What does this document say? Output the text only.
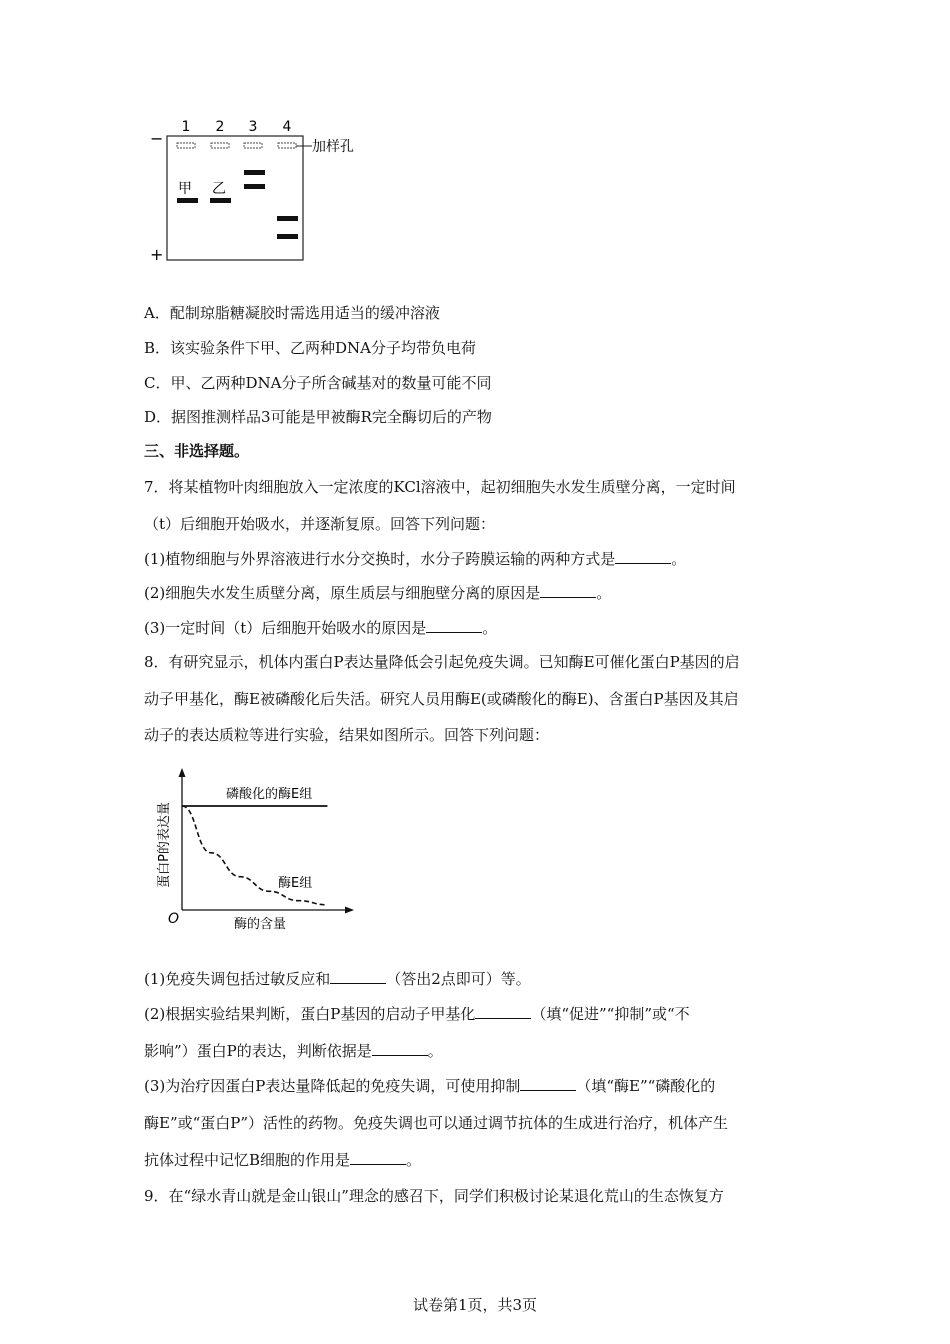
1 2 3 4
−
+
加样孔
甲 乙
A．配制琼脂糖凝胶时需选用适当的缓冲溶液
B．该实验条件下甲、乙两种DNA分子均带负电荷
C．甲、乙两种DNA分子所含碱基对的数量可能不同
D．据图推测样品3可能是甲被酶R完全酶切后的产物
三、非选择题。
7．将某植物叶肉细胞放入一定浓度的KCl溶液中，起初细胞失水发生质壁分离，一定时间
（t）后细胞开始吸水，并逐渐复原。回答下列问题：
(1)植物细胞与外界溶液进行水分交换时，水分子跨膜运输的两种方式是	。
(2)细胞失水发生质壁分离，原生质层与细胞壁分离的原因是	。
(3)一定时间（t）后细胞开始吸水的原因是	。
8．有研究显示，机体内蛋白P表达量降低会引起免疫失调。已知酶E可催化蛋白P基因的启
动子甲基化，酶E被磷酸化后失活。研究人员用酶E(或磷酸化的酶E)、含蛋白P基因及其启
动子的表达质粒等进行实验，结果如图所示。回答下列问题：
O	酶的含量
蛋白P的表达量
磷酸化的酶E组
酶E组
(1)免疫失调包括过敏反应和	（答出2点即可）等。
(2)根据实验结果判断，蛋白P基因的启动子甲基化	（填“促进”“抑制”或“不
影响”）蛋白P的表达，判断依据是	。
(3)为治疗因蛋白P表达量降低起的免疫失调，可使用抑制	（填“酶E”“磷酸化的
酶E”或“蛋白P”）活性的药物。免疫失调也可以通过调节抗体的生成进行治疗，机体产生
抗体过程中记忆B细胞的作用是	。
9．在“绿水青山就是金山银山”理念的感召下，同学们积极讨论某退化荒山的生态恢复方
试卷第1页，共3页
